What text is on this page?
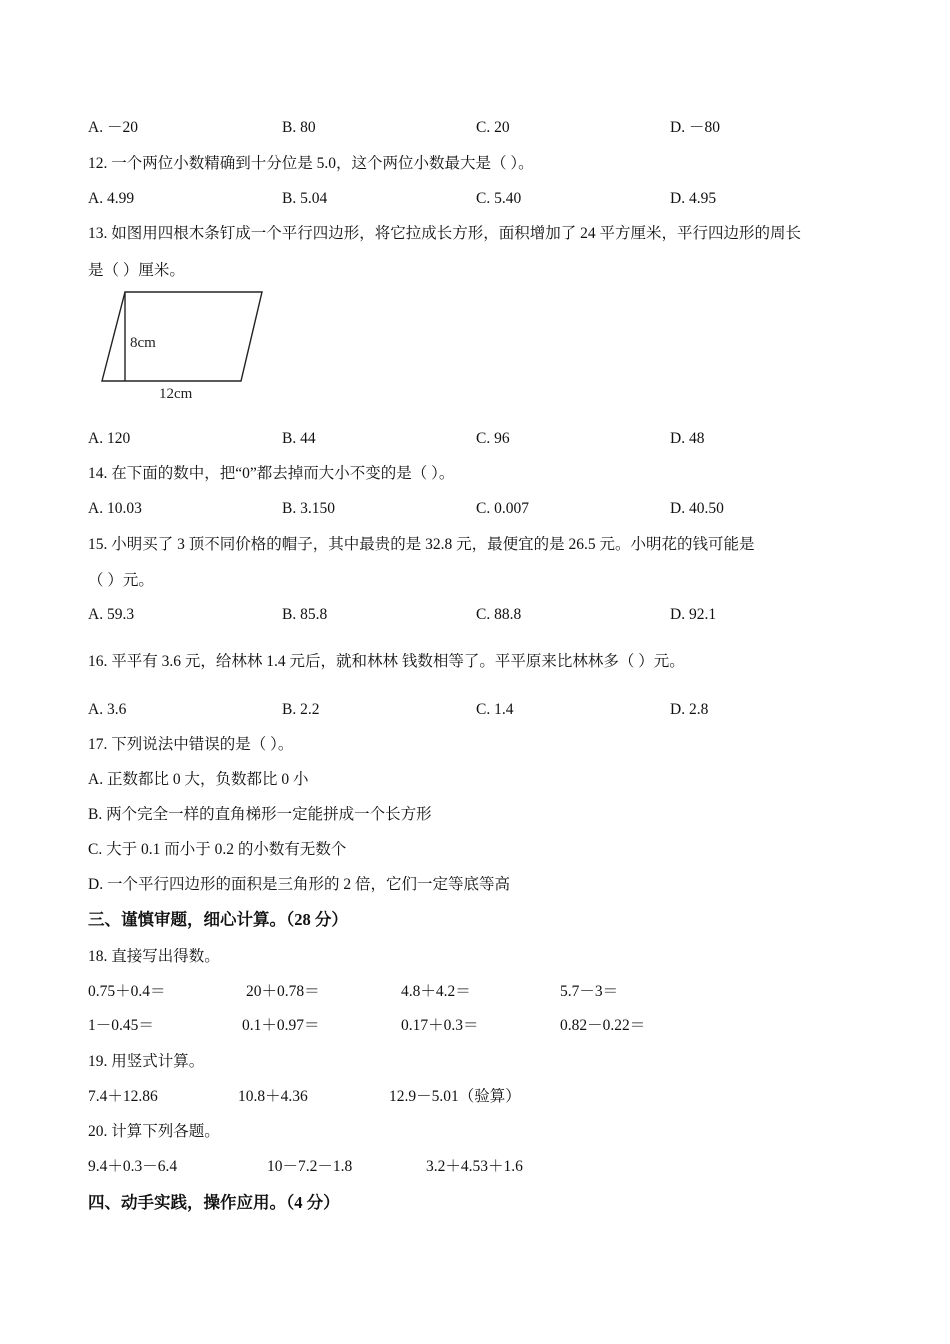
A. －20	B. 80	C. 20	D. －80
12. 一个两位小数精确到十分位是 5.0，这个两位小数最大是（ ）。
A. 4.99	B. 5.04	C. 5.40	D. 4.95
13. 如图用四根木条钉成一个平行四边形，将它拉成长方形，面积增加了 24 平方厘米，平行四边形的周长
是（ ）厘米。
8cm
12cm
A. 120	B. 44	C. 96	D. 48
14. 在下面的数中，把“0”都去掉而大小不变的是（ ）。
A. 10.03	B. 3.150	C. 0.007	D. 40.50
15. 小明买了 3 顶不同价格的帽子，其中最贵的是 32.8 元，最便宜的是 26.5 元。小明花的钱可能是
（ ）元。
A. 59.3	B. 85.8	C. 88.8	D. 92.1
16. 平平有 3.6 元，给林林 1.4 元后，就和林林 钱数相等了。平平原来比林林多（ ）元。
A. 3.6	B. 2.2	C. 1.4	D. 2.8
17. 下列说法中错误的是（ ）。
A. 正数都比 0 大，负数都比 0 小
B. 两个完全一样的直角梯形一定能拼成一个长方形
C. 大于 0.1 而小于 0.2 的小数有无数个
D. 一个平行四边形的面积是三角形的 2 倍，它们一定等底等高
三、谨慎审题，细心计算。（28 分）
18. 直接写出得数。
0.75＋0.4＝	20＋0.78＝	4.8＋4.2＝	5.7－3＝
1－0.45＝	0.1＋0.97＝	0.17＋0.3＝	0.82－0.22＝
19. 用竖式计算。
7.4＋12.86	10.8＋4.36	12.9－5.01（验算）
20. 计算下列各题。
9.4＋0.3－6.4	10－7.2－1.8	3.2＋4.53＋1.6
四、动手实践，操作应用。（4 分）
